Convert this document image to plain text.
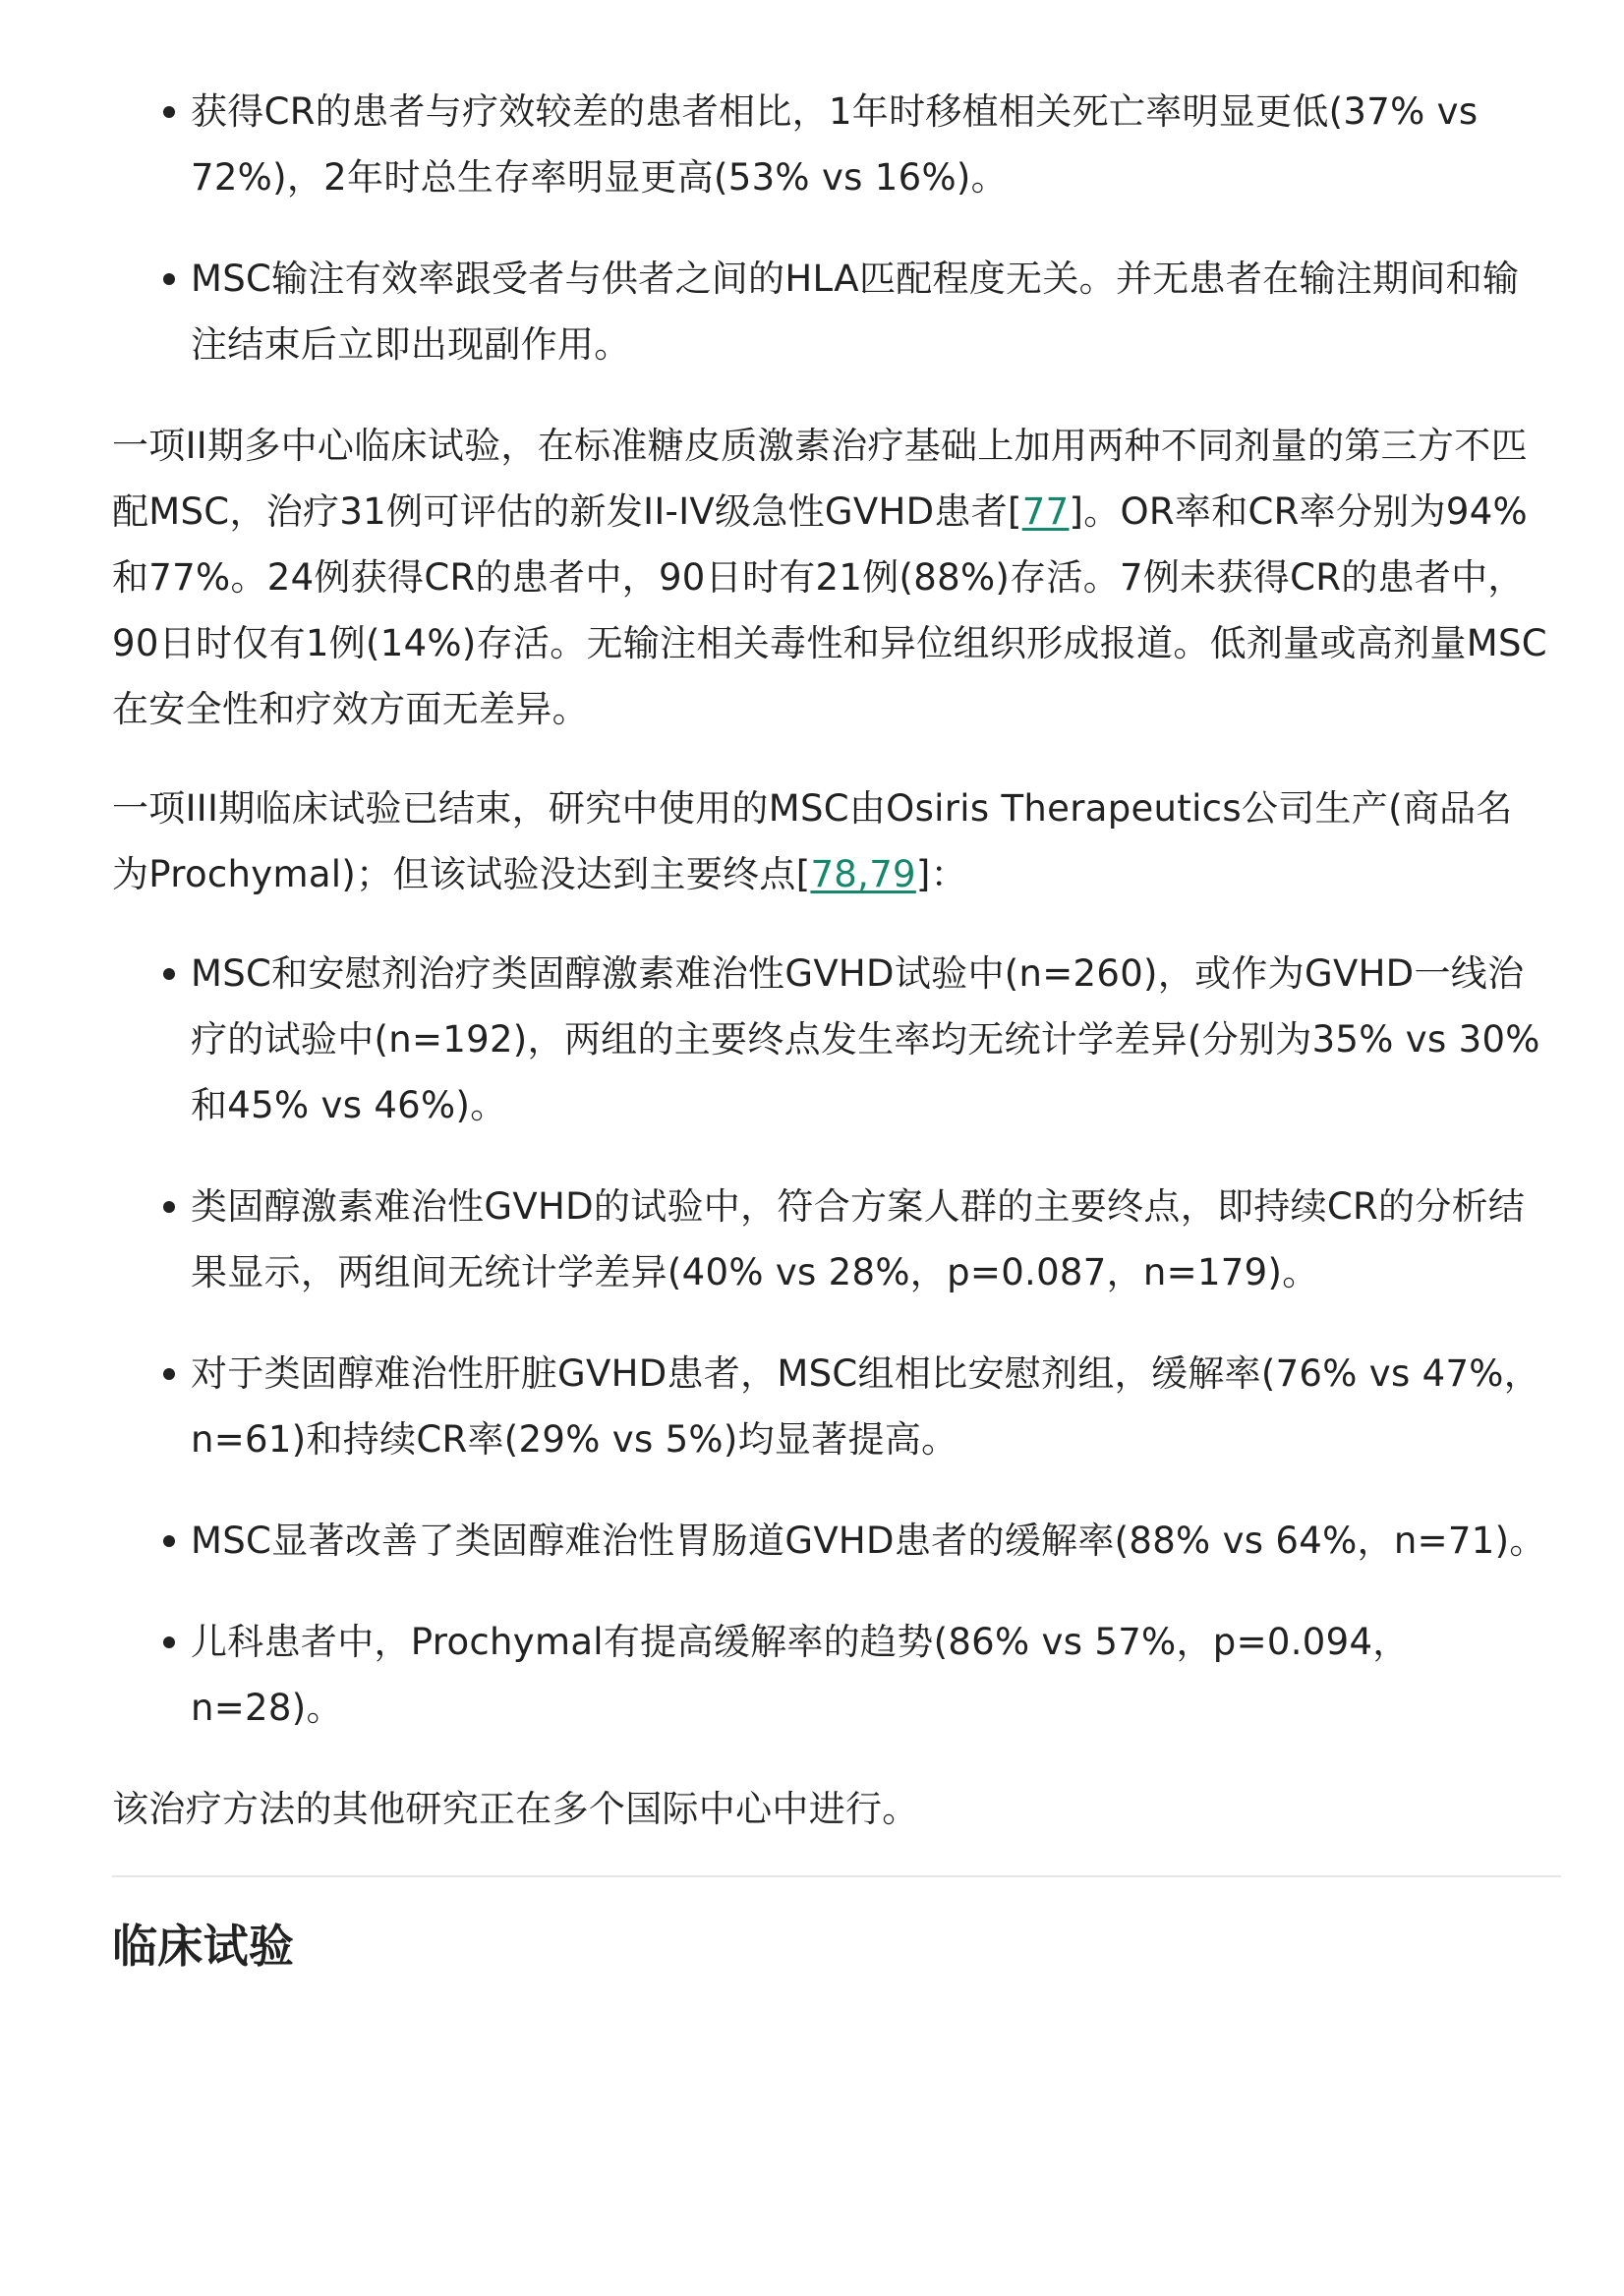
获得CR的患者与疗效较差的患者相比，1年时移植相关死亡率明显更低(37% vs 72%)，2年时总生存率明显更高(53% vs 16%)。
MSC输注有效率跟受者与供者之间的HLA匹配程度无关。并无患者在输注期间和输注结束后立即出现副作用。

一项II期多中心临床试验，在标准糖皮质激素治疗基础上加用两种不同剂量的第三方不匹配MSC，治疗31例可评估的新发II-IV级急性GVHD患者[77]。OR率和CR率分别为94%和77%。24例获得CR的患者中，90日时有21例(88%)存活。7例未获得CR的患者中，90日时仅有1例(14%)存活。无输注相关毒性和异位组织形成报道。低剂量或高剂量MSC在安全性和疗效方面无差异。

一项III期临床试验已结束，研究中使用的MSC由Osiris Therapeutics公司生产(商品名为Prochymal)；但该试验没达到主要终点[78,79]：

MSC和安慰剂治疗类固醇激素难治性GVHD试验中(n=260)，或作为GVHD一线治疗的试验中(n=192)，两组的主要终点发生率均无统计学差异(分别为35% vs 30%和45% vs 46%)。
类固醇激素难治性GVHD的试验中，符合方案人群的主要终点，即持续CR的分析结果显示，两组间无统计学差异(40% vs 28%，p=0.087，n=179)。
对于类固醇难治性肝脏GVHD患者，MSC组相比安慰剂组，缓解率(76% vs 47%，n=61)和持续CR率(29% vs 5%)均显著提高。
MSC显著改善了类固醇难治性胃肠道GVHD患者的缓解率(88% vs 64%，n=71)。
儿科患者中，Prochymal有提高缓解率的趋势(86% vs 57%，p=0.094，n=28)。

该治疗方法的其他研究正在多个国际中心中进行。

临床试验
